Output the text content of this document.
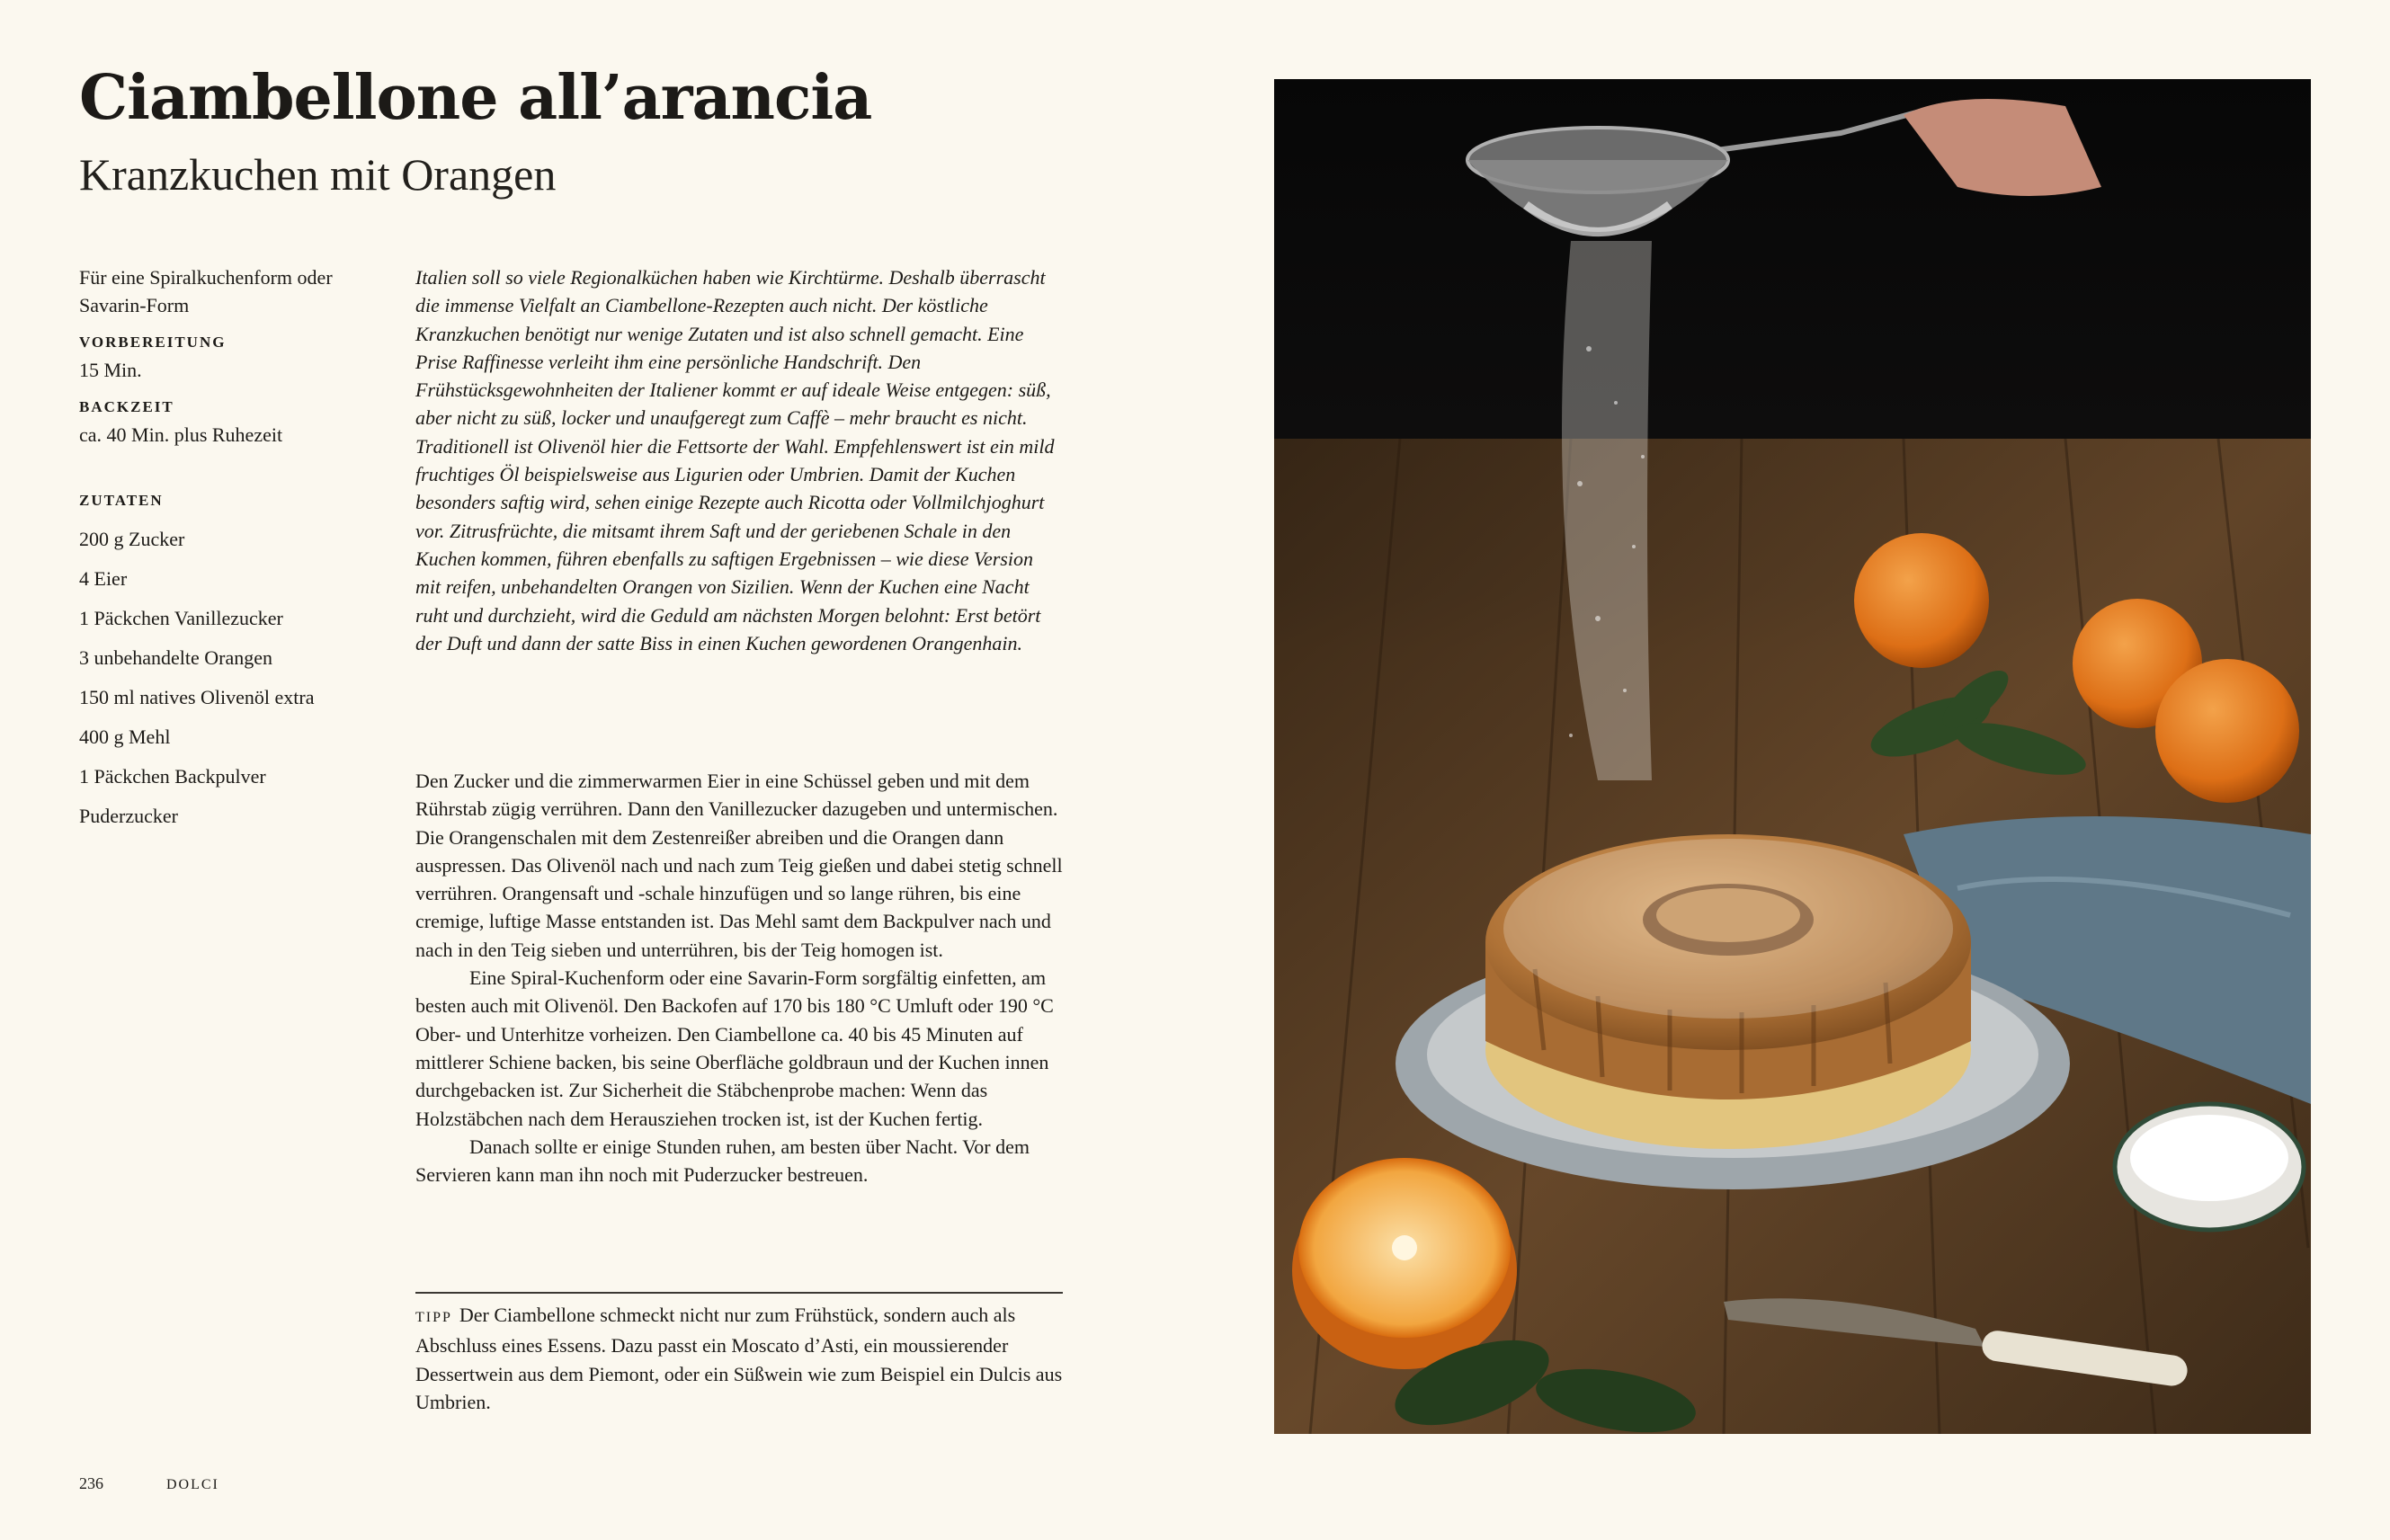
Ciambellone all’arancia
Kranzkuchen mit Orangen

Für eine Spiralkuchenform oder Savarin-Form

VORBEREITUNG

15 Min.

BACKZEIT

ca. 40 Min. plus Ruhezeit

ZUTATEN

200 g Zucker
4 Eier
1 Päckchen Vanillezucker
3 unbehandelte Orangen
150 ml natives Olivenöl extra
400 g Mehl
1 Päckchen Backpulver
Puderzucker

Italien soll so viele Regionalküchen haben wie Kirchtürme. Deshalb überrascht die immense Vielfalt an Ciambellone-Rezepten auch nicht. Der köstliche Kranzkuchen benötigt nur wenige Zutaten und ist also schnell gemacht. Eine Prise Raffinesse verleiht ihm eine persönliche Handschrift. Den Frühstücksgewohnheiten der Italiener kommt er auf ideale Weise entgegen: süß, aber nicht zu süß, locker und unaufgeregt zum Caffè – mehr braucht es nicht. Traditionell ist Olivenöl hier die Fettsorte der Wahl. Empfehlenswert ist ein mild fruchtiges Öl beispielsweise aus Ligurien oder Umbrien. Damit der Kuchen besonders saftig wird, sehen einige Rezepte auch Ricotta oder Vollmilchjoghurt vor. Zitrusfrüchte, die mitsamt ihrem Saft und der geriebenen Schale in den Kuchen kommen, führen ebenfalls zu saftigen Ergebnissen – wie diese Version mit reifen, unbehandelten Orangen von Sizilien. Wenn der Kuchen eine Nacht ruht und durchzieht, wird die Geduld am nächsten Morgen belohnt: Erst betört der Duft und dann der satte Biss in einen Kuchen gewordenen Orangenhain.

Den Zucker und die zimmerwarmen Eier in eine Schüssel geben und mit dem Rührstab zügig verrühren. Dann den Vanillezucker dazugeben und untermischen. Die Orangenschalen mit dem Zestenreißer abreiben und die Orangen dann auspressen. Das Olivenöl nach und nach zum Teig gießen und dabei stetig schnell verrühren. Orangensaft und -schale hinzufügen und so lange rühren, bis eine cremige, luftige Masse entstanden ist. Das Mehl samt dem Backpulver nach und nach in den Teig sieben und unterrühren, bis der Teig homogen ist.

Eine Spiral-Kuchenform oder eine Savarin-Form sorgfältig einfetten, am besten auch mit Olivenöl. Den Backofen auf 170 bis 180 °C Umluft oder 190 °C Ober- und Unterhitze vorheizen. Den Ciambellone ca. 40 bis 45 Minuten auf mittlerer Schiene backen, bis seine Oberfläche goldbraun und der Kuchen innen durchgebacken ist. Zur Sicherheit die Stäbchenprobe machen: Wenn das Holzstäbchen nach dem Herausziehen trocken ist, ist der Kuchen fertig.

Danach sollte er einige Stunden ruhen, am besten über Nacht. Vor dem Servieren kann man ihn noch mit Puderzucker bestreuen.

TIPP Der Ciambellone schmeckt nicht nur zum Frühstück, sondern auch als Abschluss eines Essens. Dazu passt ein Moscato d’Asti, ein moussierender Dessertwein aus dem Piemont, oder ein Süßwein wie zum Beispiel ein Dulcis aus Umbrien.

236	DOLCI
